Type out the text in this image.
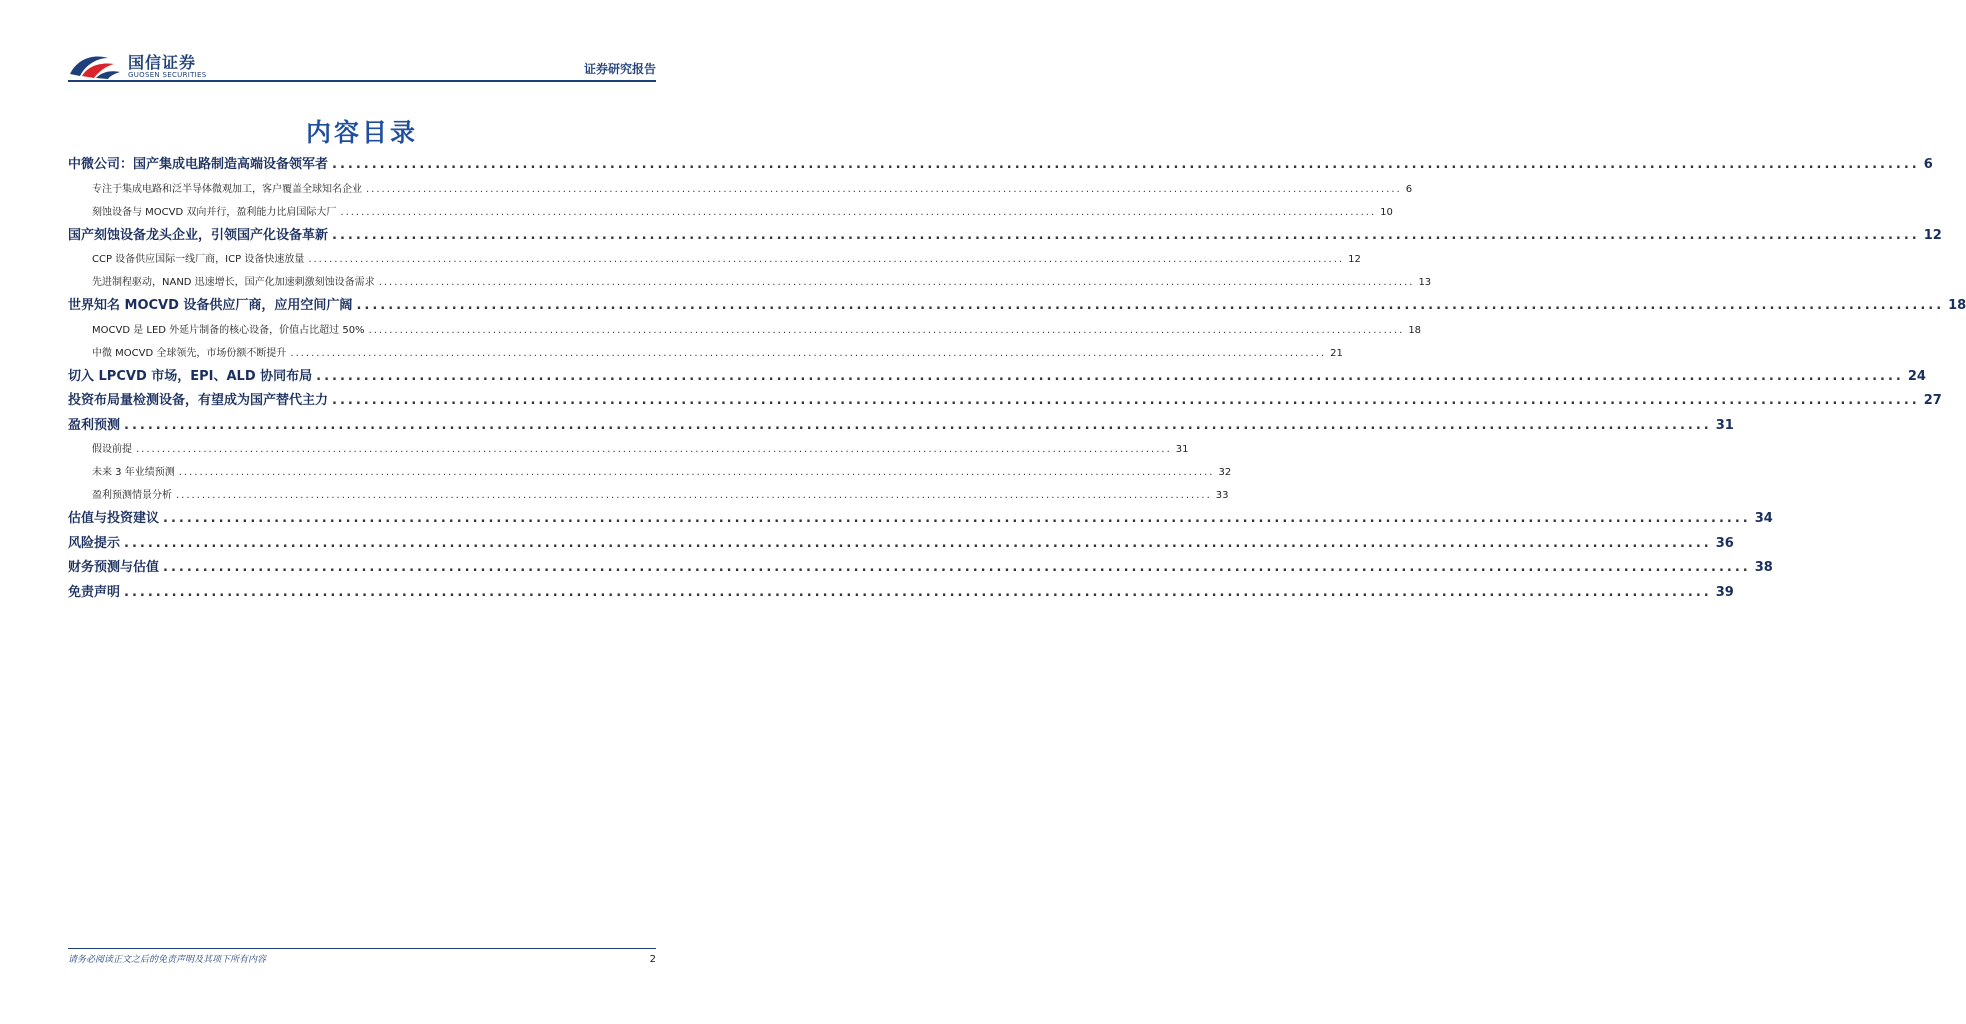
国信证券
GUOSEN SECURITIES	证券研究报告
内容目录
中微公司：国产集成电路制造高端设备领军者 ........................................................................................................................................................................................................ 6
专注于集成电路和泛半导体微观加工，客户覆盖全球知名企业 ........................................................................................................................................................................................................ 6
刻蚀设备与 MOCVD 双向并行，盈利能力比肩国际大厂 ........................................................................................................................................................................................................ 10
国产刻蚀设备龙头企业，引领国产化设备革新 ........................................................................................................................................................................................................ 12
CCP 设备供应国际一线厂商，ICP 设备快速放量 ........................................................................................................................................................................................................ 12
先进制程驱动，NAND 迅速增长，国产化加速刺激刻蚀设备需求 ........................................................................................................................................................................................................ 13
世界知名 MOCVD 设备供应厂商，应用空间广阔 ........................................................................................................................................................................................................ 18
MOCVD 是 LED 外延片制备的核心设备，价值占比超过 50% ........................................................................................................................................................................................................ 18
中微 MOCVD 全球领先，市场份额不断提升 ........................................................................................................................................................................................................ 21
切入 LPCVD 市场，EPI、ALD 协同布局 ........................................................................................................................................................................................................ 24
投资布局量检测设备，有望成为国产替代主力 ........................................................................................................................................................................................................ 27
盈利预测 ........................................................................................................................................................................................................ 31
假设前提 ........................................................................................................................................................................................................ 31
未来 3 年业绩预测 ........................................................................................................................................................................................................ 32
盈利预测情景分析 ........................................................................................................................................................................................................ 33
估值与投资建议 ........................................................................................................................................................................................................ 34
风险提示 ........................................................................................................................................................................................................ 36
财务预测与估值 ........................................................................................................................................................................................................ 38
免责声明 ........................................................................................................................................................................................................ 39
请务必阅读正文之后的免责声明及其项下所有内容	2
